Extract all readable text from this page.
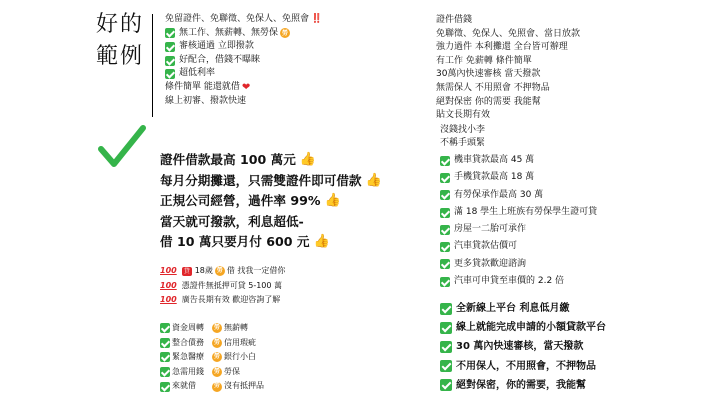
好的
範例
免留證件、免聯徵、免保人、免照會 ‼️
無工作、無薪轉、無勞保 勞
審核通過 立即撥款
好配合，借錢不曝睞
超低利率
條件簡單 能還就借 ❤
線上初審、撥款快速
證件借款最高 100 萬元 👍
每月分期攤還，只需雙證件即可借款 👍
正規公司經營，過件率 99% 👍
當天就可撥款，利息超低-
借 10 萬只要月付 600 元 👍
100	貸 18歲 勞 借 找我一定借你
100 憑證件無抵押可貸 5-100 萬
100 廣告長期有效 歡迎咨詢了解
資金周轉	勞 無薪轉
整合債務	勞 信用瑕疵
緊急醫療	勞 銀行小白
急需用錢	勞 勞保
來就借	勞 沒有抵押品
證件借錢
免聯徵、免保人、免照會、當日放款
強力過件 本利攤還 全台皆可辦理
有工作 免薪轉 條件簡單
30萬內快速審核 當天撥款
無需保人 不用照會 不押物品
絕對保密 你的需要 我能幫
貼文長期有效
沒錢找小李
不稱手頭緊
機車貸款最高 45 萬
手機貸款最高 18 萬
有勞保承作最高 30 萬
滿 18 學生上班族有勞保學生證可貸
房屋一二胎可承作
汽車貸款估價可
更多貸款歡迎諮詢
汽車可申貸至車價的 2.2 倍
全新線上平台 利息低月繳
線上就能完成申請的小額貸款平台
30 萬內快速審核，當天撥款
不用保人，不用照會，不押物品
絕對保密，你的需要，我能幫
